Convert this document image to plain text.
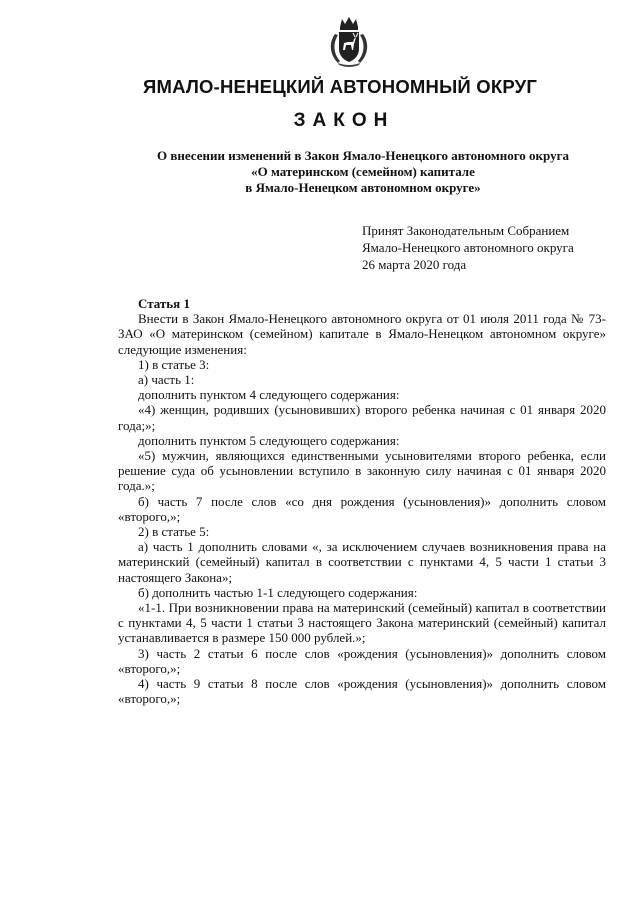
ЯМАЛО-НЕНЕЦКИЙ АВТОНОМНЫЙ ОКРУГ
ЗАКОН
О внесении изменений в Закон Ямало-Ненецкого автономного округа
«О материнском (семейном) капитале
в Ямало-Ненецком автономном округе»
Принят Законодательным Собранием
Ямало-Ненецкого автономного округа
26 марта 2020 года

Статья 1

Внести в Закон Ямало-Ненецкого автономного округа от 01 июля 2011 года № 73-ЗАО «О материнском (семейном) капитале в Ямало-Ненецком автономном округе» следующие изменения:

1) в статье 3:

а) часть 1:

дополнить пунктом 4 следующего содержания:

«4) женщин, родивших (усыновивших) второго ребенка начиная с 01 января 2020 года;»;

дополнить пунктом 5 следующего содержания:

«5) мужчин, являющихся единственными усыновителями второго ребенка, если решение суда об усыновлении вступило в законную силу начиная с 01 января 2020 года.»;

б) часть 7 после слов «со дня рождения (усыновления)» дополнить словом «второго,»;

2) в статье 5:

а) часть 1 дополнить словами «, за исключением случаев возникновения права на материнский (семейный) капитал в соответствии с пунктами 4, 5 части 1 статьи 3 настоящего Закона»;

б) дополнить частью 1-1 следующего содержания:

«1-1. При возникновении права на материнский (семейный) капитал в соответствии с пунктами 4, 5 части 1 статьи 3 настоящего Закона материнский (семейный) капитал устанавливается в размере 150 000 рублей.»;

3) часть 2 статьи 6 после слов «рождения (усыновления)» дополнить словом «второго,»;

4) часть 9 статьи 8 после слов «рождения (усыновления)» дополнить словом «второго,»;
